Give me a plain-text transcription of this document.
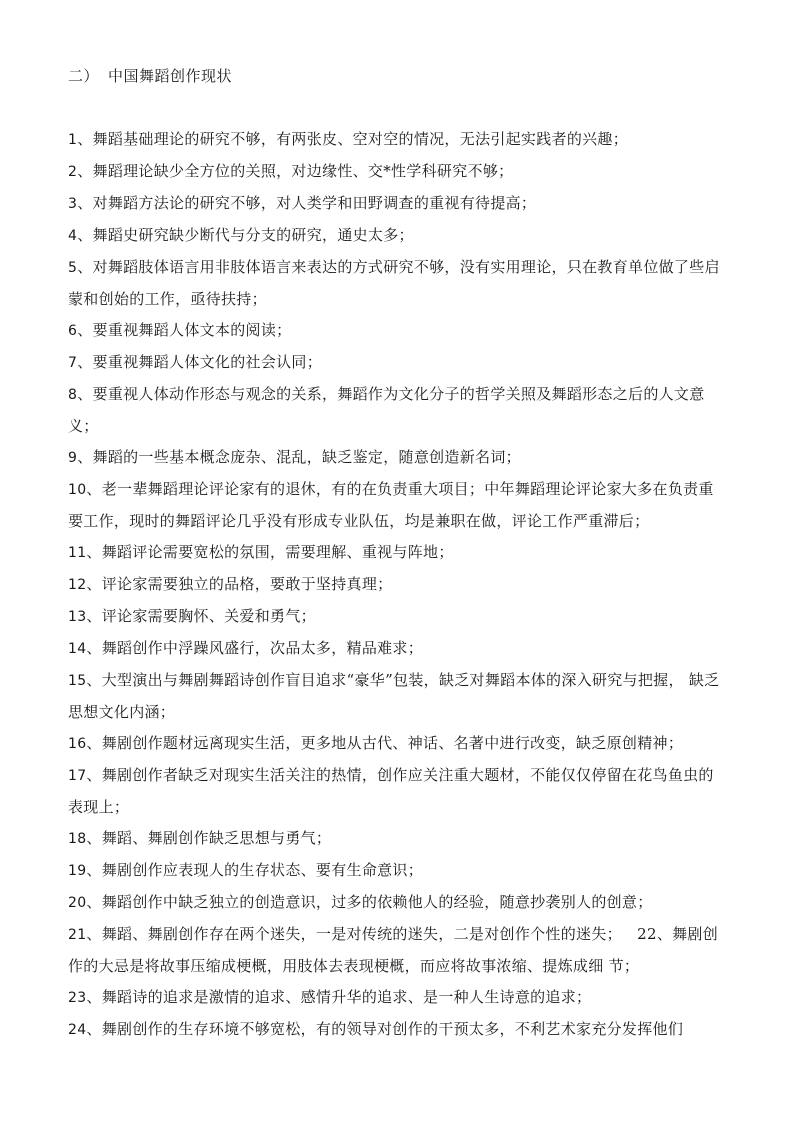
二） 中国舞蹈创作现状
1、舞蹈基础理论的研究不够，有两张皮、空对空的情况，无法引起实践者的兴趣；
2、舞蹈理论缺少全方位的关照，对边缘性、交*性学科研究不够；
3、对舞蹈方法论的研究不够，对人类学和田野调查的重视有待提高；
4、舞蹈史研究缺少断代与分支的研究，通史太多；
5、对舞蹈肢体语言用非肢体语言来表达的方式研究不够，没有实用理论，只在教育单位做了些启蒙和创始的工作，亟待扶持；
6、要重视舞蹈人体文本的阅读；
7、要重视舞蹈人体文化的社会认同；
8、要重视人体动作形态与观念的关系，舞蹈作为文化分子的哲学关照及舞蹈形态之后的人文意义；
9、舞蹈的一些基本概念庞杂、混乱，缺乏鉴定，随意创造新名词；
10、老一辈舞蹈理论评论家有的退休，有的在负责重大项目；中年舞蹈理论评论家大多在负责重要工作，现时的舞蹈评论几乎没有形成专业队伍，均是兼职在做，评论工作严重滞后；
11、舞蹈评论需要宽松的氛围，需要理解、重视与阵地；
12、评论家需要独立的品格，要敢于坚持真理；
13、评论家需要胸怀、关爱和勇气；
14、舞蹈创作中浮躁风盛行，次品太多，精品难求；
15、大型演出与舞剧舞蹈诗创作盲目追求“豪华”包装，缺乏对舞蹈本体的深入研究与把握， 缺乏思想文化内涵；
16、舞剧创作题材远离现实生活，更多地从古代、神话、名著中进行改变，缺乏原创精神；
17、舞剧创作者缺乏对现实生活关注的热情，创作应关注重大题材，不能仅仅停留在花鸟鱼虫的表现上；
18、舞蹈、舞剧创作缺乏思想与勇气；
19、舞剧创作应表现人的生存状态、要有生命意识；
20、舞蹈创作中缺乏独立的创造意识，过多的依赖他人的经验，随意抄袭别人的创意；
21、舞蹈、舞剧创作存在两个迷失，一是对传统的迷失，二是对创作个性的迷失；   22、舞剧创作的大忌是将故事压缩成梗概，用肢体去表现梗概，而应将故事浓缩、提炼成细 节；
23、舞蹈诗的追求是激情的追求、感情升华的追求、是一种人生诗意的追求；
24、舞剧创作的生存环境不够宽松，有的领导对创作的干预太多，不利艺术家充分发挥他们
